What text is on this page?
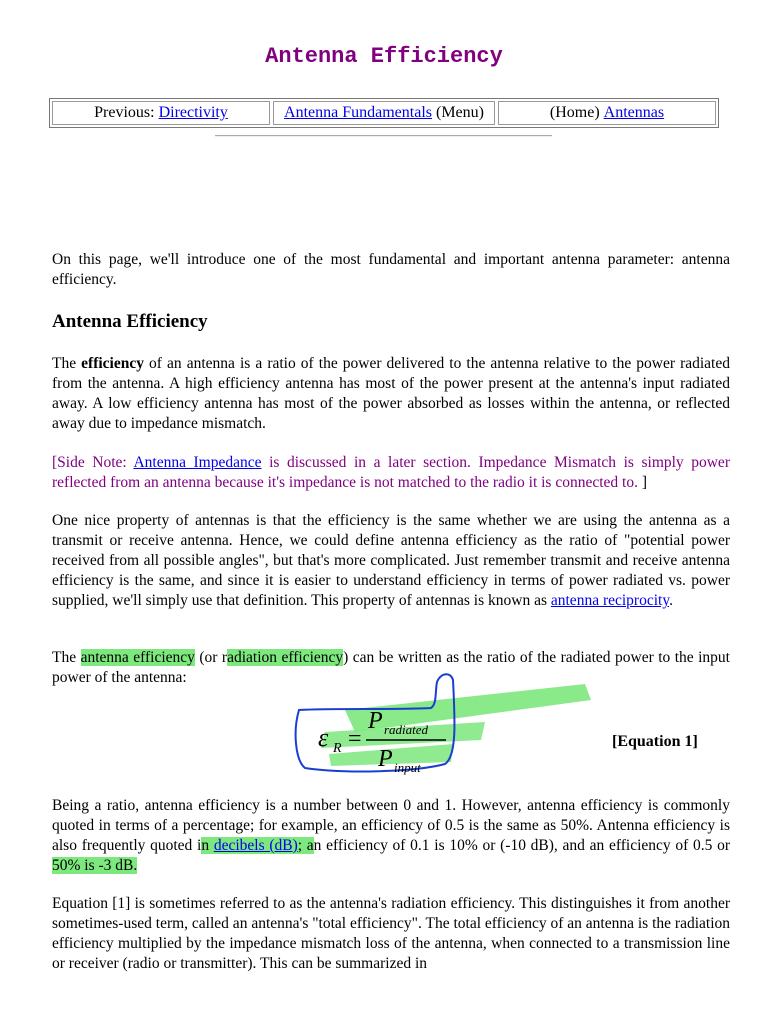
Antenna Efficiency
Previous: Directivity	Antenna Fundamentals (Menu)	(Home) Antennas
On this page, we'll introduce one of the most fundamental and important antenna parameter: antenna efficiency.
Antenna Efficiency
The efficiency of an antenna is a ratio of the power delivered to the antenna relative to the power radiated from the antenna. A high efficiency antenna has most of the power present at the antenna's input radiated away. A low efficiency antenna has most of the power absorbed as losses within the antenna, or reflected away due to impedance mismatch.
[Side Note: Antenna Impedance is discussed in a later section. Impedance Mismatch is simply power reflected from an antenna because it's impedance is not matched to the radio it is connected to. ]
One nice property of antennas is that the efficiency is the same whether we are using the antenna as a transmit or receive antenna. Hence, we could define antenna efficiency as the ratio of "potential power received from all possible angles", but that's more complicated. Just remember transmit and receive antenna efficiency is the same, and since it is easier to understand efficiency in terms of power radiated vs. power supplied, we'll simply use that definition. This property of antennas is known as antenna reciprocity.
The antenna efficiency (or radiation efficiency) can be written as the ratio of the radiated power to the input power of the antenna:
ε R =
P radiated
P input
[Equation 1]
Being a ratio, antenna efficiency is a number between 0 and 1. However, antenna efficiency is commonly quoted in terms of a percentage; for example, an efficiency of 0.5 is the same as 50%. Antenna efficiency is also frequently quoted in decibels (dB); an efficiency of 0.1 is 10% or (-10 dB), and an efficiency of 0.5 or 50% is -3 dB.
Equation [1] is sometimes referred to as the antenna's radiation efficiency. This distinguishes it from another sometimes-used term, called an antenna's "total efficiency". The total efficiency of an antenna is the radiation efficiency multiplied by the impedance mismatch loss of the antenna, when connected to a transmission line or receiver (radio or transmitter). This can be summarized in
